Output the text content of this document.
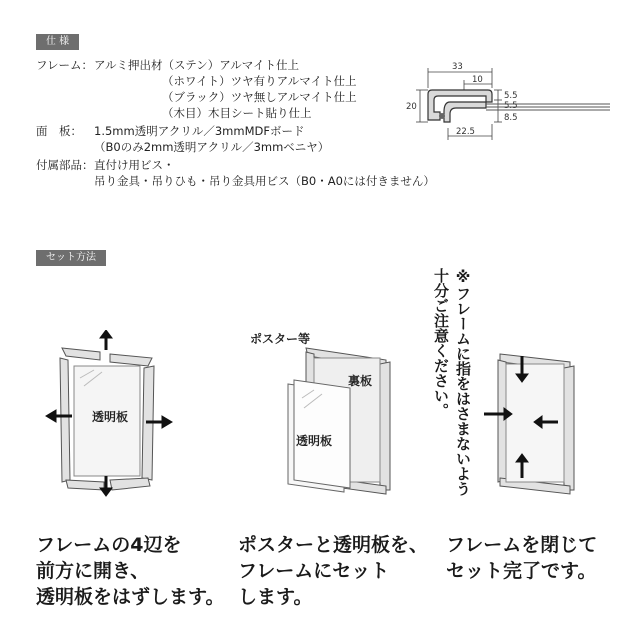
仕 様
フレーム： アルミ押出材（ステン）アルマイト仕上
（ホワイト）ツヤ有りアルマイト仕上
（ブラック）ツヤ無しアルマイト仕上
（木目）木目シート貼り仕上
面　板： 1.5mm透明アクリル／3mmMDFボード
（B0のみ2mm透明アクリル／3mmベニヤ）
付属部品： 直付け用ビス・
吊り金具・吊りひも・吊り金具用ビス（B0・A0には付きません）
33
10
20
5.5
5.5
8.5
22.5
セット方法
透明板
ポスター等
裏板
透明板	※フレームに指をはさまないよう
十分ご注意ください。
フレームの4辺を
前方に開き、
透明板をはずします。
ポスターと透明板を、
フレームにセット
します。
フレームを閉じて
セット完了です。
